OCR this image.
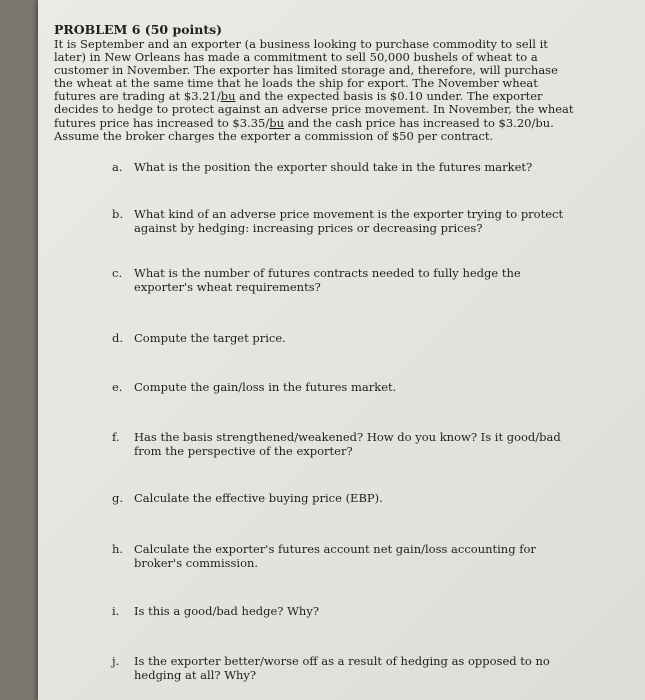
PROBLEM 6 (50 points)
It is September and an exporter (a business looking to purchase commodity to sell it later) in New Orleans has made a commitment to sell 50,000 bushels of wheat to a customer in November. The exporter has limited storage and, therefore, will purchase the wheat at the same time that he loads the ship for export. The November wheat futures are trading at $3.21/bu and the expected basis is $0.10 under. The exporter decides to hedge to protect against an adverse price movement. In November, the wheat futures price has increased to $3.35/bu and the cash price has increased to $3.20/bu. Assume the broker charges the exporter a commission of $50 per contract.
a. What is the position the exporter should take in the futures market?
b. What kind of an adverse price movement is the exporter trying to protect against by hedging: increasing prices or decreasing prices?
c.	What is the number of futures contracts needed to fully hedge the exporter's wheat requirements?
d. Compute the target price.
e.	Compute the gain/loss in the futures market.
f.	Has the basis strengthened/weakened? How do you know? Is it good/bad from the perspective of the exporter?
g. Calculate the effective buying price (EBP).
h. Calculate the exporter's futures account net gain/loss accounting for broker's commission.
i.	Is this a good/bad hedge? Why?
j.	Is the exporter better/worse off as a result of hedging as opposed to no hedging at all? Why?
